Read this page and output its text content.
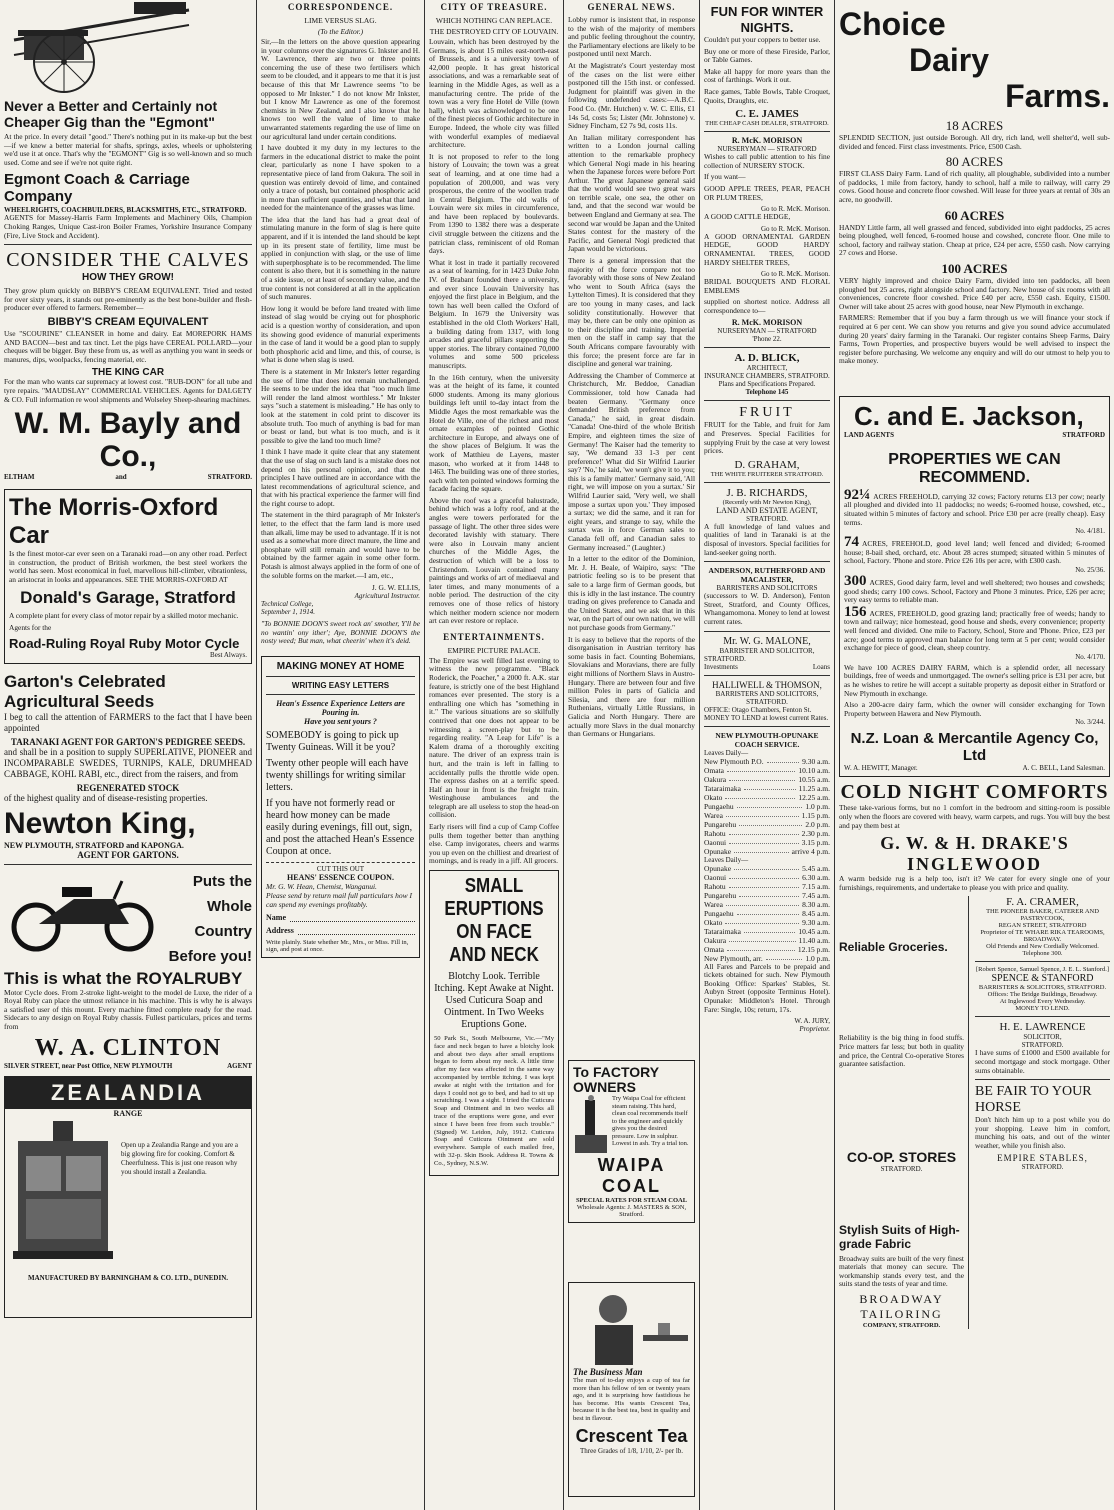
Never a Better and Certainly not Cheaper Gig than the "Egmont"

At the price. In every detail "good." There's nothing put in its make-up but the best—if we knew a better material for shafts, springs, axles, wheels or upholstering we'd use it at once. That's why the "EGMONT" Gig is so well-known and so much used. Come and see if we're not quite right.

Egmont Coach & Carriage Company
WHEELRIGHTS, COACHBUILDERS, BLACKSMITHS, ETC., STRATFORD.

AGENTS for Massey-Harris Farm Implements and Machinery Oils, Champion Choking Ranges, Unique Cast-iron Boiler Frames, Yorkshire Insurance Company (Fire, Live Stock and Accident).

CONSIDER THE CALVES
HOW THEY GROW!

They grow plum quickly on BIBBY'S CREAM EQUIVALENT. Tried and tested for over sixty years, it stands out pre-eminently as the best bone-builder and flesh-producer ever offered to farmers. Remember—

BIBBY'S CREAM EQUIVALENT

Use "SCOURINE" CLEANSER in home and dairy. Eat MOREPORK HAMS AND BACON—best and tax tinct. Let the pigs have CEREAL POLLARD—your cheques will be bigger. Buy these from us, as well as anything you want in seeds or manures, dips, woolpacks, fencing material, etc.

THE KING CAR

For the man who wants car supremacy at lowest cost. "RUB-DON" for all tube and tyre repairs. "MAUDSLAY" COMMERCIAL VEHICLES. Agents for DALGETY & CO. Full information re wool shipments and Wolseley Sheep-shearing machines.

W. M. Bayly and Co.,
ELTHAM	and	STRATFORD.
The Morris-Oxford Car

Is the finest motor-car ever seen on a Taranaki road—on any other road. Perfect in construction, the product of British workmen, the best steel workers the world has seen. Most economical in fuel, marvellous hill-climber, vibrationless, an aristocrat in looks and appearances. SEE THE MORRIS-OXFORD AT

Donald's Garage, Stratford

A complete plant for every class of motor repair by a skilled motor mechanic.

Agents for the

Road-Ruling Royal Ruby Motor Cycle
Best Always.
Garton's Celebrated Agricultural Seeds

I beg to call the attention of FARMERS to the fact that I have been appointed

TARANAKI AGENT FOR GARTON'S PEDIGREE SEEDS.

and shall be in a position to supply SUPERLATIVE, PIONEER and INCOMPARABLE SWEDES, TURNIPS, KALE, DRUMHEAD CABBAGE, KOHL RABI, etc., direct from the raisers, and from

REGENERATED STOCK

of the highest quality and of disease-resisting properties.

Newton King,
NEW PLYMOUTH, STRATFORD and KAPONGA.
AGENT FOR GARTONS.
Puts the
Whole
Country
Before you!
This is what the ROYALRUBY

Motor Cycle does. From 2-stroke light-weight to the model de Luxe, the rider of a Royal Ruby can place the utmost reliance in his machine. This is why he is always a satisfied user of this mount. Every machine fitted complete ready for the road. Sidecars to any design on Royal Ruby chassis. Fullest particulars, prices and terms from

W. A. CLINTON
SILVER STREET, near Post Office, NEW PLYMOUTH	AGENT
ZEALANDIA
RANGE
Open up a Zealandia Range and you are a big glowing fire for cooking. Comfort & Cheerfulness. This is just one reason why you should install a Zealandia.
MANUFACTURED BY BARNINGHAM & CO. LTD., DUNEDIN.
CORRESPONDENCE.
LIME VERSUS SLAG.
(To the Editor.)

Sir,—In the letters on the above question appearing in your columns over the signatures G. Inkster and H. W. Lawrence, there are two or three points concerning the use of these two fertilisers which seem to be clouded, and it appears to me that it is just because of this that Mr Lawrence seems "to be opposed to Mr Inkster." I do not know Mr Inkster, but I know Mr Lawrence as one of the foremost chemists in New Zealand, and I also know that he knows too well the value of lime to make unwarranted statements regarding the use of lime on our agricultural land under certain conditions.

I have doubted it my duty in my lectures to the farmers in the educational district to make the point clear, particularly as none I have spoken to a representative piece of land from Oakura. The soil in question was entirely devoid of lime, and contained only a trace of potash, but contained phosphoric acid in more than sufficient quantities, and what that land needed for the maintenance of the grasses was lime.

The idea that the land has had a great deal of stimulating manure in the form of slag is here quite apparent, and if it is intended the land should be kept up in its present state of fertility, lime must be applied in conjunction with slag, or the use of lime with superphosphate is to be recommended. The lime content is also there, but it is something in the nature of a side issue, or at least of secondary value, and the true content is not considered at all in the application of such manures.

How long it would be before land treated with lime instead of slag would be crying out for phosphoric acid is a question worthy of consideration, and upon its showing good evidence of manurial experiments in the case of land it would be a good plan to supply both phosphoric acid and lime, and this, of course, is what is done when slag is used.

There is a statement in Mr Inkster's letter regarding the use of lime that does not remain unchallenged. He seems to be under the idea that "too much lime will render the land almost worthless." Mr Inkster says "such a statement is misleading." He has only to look at the statement in cold print to discover its absolute truth. Too much of anything is bad for man or beast or land, but what is too much, and is it possible to give the land too much lime?

I think I have made it quite clear that any statement that the use of slag on such land is a mistake does not depend on his personal opinion, and that the principles I have outlined are in accordance with the latest recommendations of agricultural science, and that with his practical experience the farmer will find the right course to adopt.

The statement in the third paragraph of Mr Inkster's letter, to the effect that the farm land is more used than alkali, lime may be used to advantage. If it is not used as a somewhat more direct manure, the lime and phosphate will still remain and would have to be obtained by the farmer again in some other form. Potash is almost always applied in the form of one of the soluble forms on the market.—I am, etc.,

J. G. W. ELLIS,
Agricultural Instructor.
Technical College,
September 1, 1914.

"To BONNIE DOON'S sweet rock an' smother, Y'll be no wantin' ony ither'; Aye, BONNIE DOON'S the nosty weed; But man, what cheerin' when it's deid.

MAKING MONEY AT HOME
WRITING EASY LETTERS
Hean's Essence Experience Letters are Pouring in.
Have you sent yours ?
SOMEBODY is going to pick up Twenty Guineas. Will it be you?
Twenty other people will each have twenty shillings for writing similar letters.
If you have not formerly read or heard how money can be made easily during evenings, fill out, sign, and post the attached Hean's Essence Coupon at once.
CUT THIS OUT
HEANS' ESSENCE COUPON.
Mr. G. W. Hean, Chemist, Wanganui.
Please send by return mail full particulars how I can spend my evenings profitably.
Name
Address
Write plainly. State whether Mr., Mrs., or Miss. Fill in, sign, and post at once.
CITY OF TREASURE.
WHICH NOTHING CAN REPLACE.
THE DESTROYED CITY OF LOUVAIN.

Louvain, which has been destroyed by the Germans, is about 15 miles east-north-east of Brussels, and is a university town of 42,000 people. It has great historical associations, and was a remarkable seat of learning in the Middle Ages, as well as a manufacturing centre. The pride of the town was a very fine Hotel de Ville (town hall), which was acknowledged to be one of the finest pieces of Gothic architecture in Europe. Indeed, the whole city was filled with wonderful examples of mediaeval architecture.

It is not proposed to refer to the long history of Louvain; the town was a great seat of learning, and at one time had a population of 200,000, and was very prosperous, the centre of the woollen trade in Central Belgium. The old walls of Louvain were six miles in circumference, and have been replaced by boulevards. From 1390 to 1382 there was a desperate civil struggle between the citizens and the patrician class, reminiscent of old Roman days.

What it lost in trade it partially recovered as a seat of learning, for in 1423 Duke John IV. of Brabant founded there a university, and ever since Louvain University has enjoyed the first place in Belgium, and the town has well been called the Oxford of Belgium. In 1679 the University was established in the old Cloth Workers' Hall, a building dating from 1317, with long arcades and graceful pillars supporting the upper stories. The library contained 70,000 volumes and some 500 priceless manuscripts.

In the 16th century, when the university was at the height of its fame, it counted 6000 students. Among its many glorious buildings left until to-day intact from the Middle Ages the most remarkable was the Hotel de Ville, one of the richest and most ornate examples of pointed Gothic architecture in Europe, and always one of the show places of Belgium. It was the work of Matthieu de Layens, master mason, who worked at it from 1448 to 1463. The building was one of three stories, each with ten pointed windows forming the facade facing the square.

Above the roof was a graceful balustrade, behind which was a lofty roof, and at the angles were towers perforated for the passage of light. The other three sides were decorated lavishly with statuary. There were also in Louvain many ancient churches of the Middle Ages, the destruction of which will be a loss to Christendom. Louvain contained many paintings and works of art of mediaeval and later times, and many monuments of a noble period. The destruction of the city removes one of those relics of history which neither modern science nor modern art can ever restore or replace.

ENTERTAINMENTS.
EMPIRE PICTURE PALACE.

The Empire was well filled last evening to witness the new programme. "Black Roderick, the Poacher," a 2000 ft. A.K. star feature, is strictly one of the best Highland romances ever presented. The story is a enthralling one which has "something in it." The various situations are so skilfully contrived that one does not appear to be witnessing a screen-play but to be regarding reality. "A Leap for Life" is a Kalem drama of a thoroughly exciting nature. The driver of an express train is hurt, and the train is left in falling to accidentally pulls the throttle wide open. The express dashes on at a terrific speed. Half an hour in front is the freight train. Westinghouse ambulances and the telegraph are all useless to stop the head-on collision.

Early risers will find a cup of Camp Coffee pulls them together better than anything else. Camp invigorates, cheers and warms you up even on the chilliest and dreariest of mornings, and is ready in a jiff. All grocers.

SMALL ERUPTIONS ON FACE AND NECK
Blotchy Look. Terrible Itching. Kept Awake at Night. Used Cuticura Soap and Ointment. In Two Weeks Eruptions Gone.

50 Park St., South Melbourne, Vic.—"My face and neck began to have a blotchy look and about two days after small eruptions began to form about my neck. A little time after my face was affected in the same way accompanied by terrible itching. I was kept awake at night with the irritation and for days I could not go to bed, and had to sit up scratching. I was a sight. I tried the Cuticura Soap and Ointment and in two weeks all trace of the eruptions were gone, and ever since I have been free from such trouble." (Signed) W. Leidon, July, 1912. Cuticura Soap and Cuticura Ointment are sold everywhere. Sample of each mailed free, with 32-p. Skin Book. Address R. Towns & Co., Sydney, N.S.W.

GENERAL NEWS.

Lobby rumor is insistent that, in response to the wish of the majority of members and public feeling throughout the country, the Parliamentary elections are likely to be postponed until next March.

At the Magistrate's Court yesterday most of the cases on the list were either postponed till the 15th inst. or confessed. Judgment for plaintiff was given in the following undefended cases:—A.B.C. Food Co. (Mr. Hutchen) v. W. C. Ellis, £1 14s 5d, costs 5s; Lister (Mr. Johnstone) v. Sidney Fincham, £2 7s 9d, costs 11s.

An Italian military correspondent has written to a London journal calling attention to the remarkable prophecy which General Nogi made in his hearing when the Japanese forces were before Port Arthur. The great Japanese general said that the world would see two great wars on terrible scale, one sea, the other on land, and that the second war would be between England and Germany at sea. The second war would be Japan and the United States contest for the mastery of the Pacific, and General Nogi predicted that Japan would be victorious.

There is a general impression that the majority of the force compare not too favorably with those sons of New Zealand who went to South Africa (says the Lyttelton Times). It is considered that they are too young in many cases, and lack solidity constitutionally. However that may be, there can be only one opinion as to their discipline and training. Imperial men on the staff in camp say that the South Africans compare favourably with this force; the present force are far in discipline and general war training.

Addressing the Chamber of Commerce at Christchurch, Mr. Beddoe, Canadian Commissioner, told how Canada had beaten Germany. "Germany once demanded British preference from Canada," he said, in great disdain. "Canada! One-third of the whole British Empire, and eighteen times the size of Germany! The Kaiser had the temerity to say, 'We demand 33 1-3 per cent preference!' What did Sir Wilfrid Laurier say? 'No,' he said, 'we won't give it to you; this is a family matter.' Germany said, 'All right, we will impose on you a surtax.' Sir Wilfrid Laurier said, 'Very well, we shall impose a surtax upon you.' They imposed a surtax; we did the same, and it ran for eight years, and strange to say, while the surtax was in force German sales to Canada fell off, and Canadian sales to Germany increased." (Laughter.)

In a letter to the editor of the Dominion, Mr. J. H. Beale, of Waipiro, says: "The patriotic feeling so is to be present that sale to a large firm of German goods, but this is idly in the last instance. The country trading on gives preference to Canada and the United States, and we ask that in this war, on the part of our own nation, we will not purchase goods from Germany."

It is easy to believe that the reports of the disorganisation in Austrian territory has some basis in fact. Counting Bohemians, Slovakians and Moravians, there are fully eight millions of Northern Slavs in Austro-Hungary. There are between four and five million Poles in parts of Galicia and Silesia, and there are four million Ruthenians, virtually Little Russians, in Galicia and North Hungary. There are actually more Slavs in the dual monarchy than Germans or Hungarians.

To FACTORY OWNERS
Try Waipa Coal for efficient steam raising. This hard, clean coal recommends itself to the engineer and quickly gives you the desired pressure. Low in sulphur. Lowest in ash. Try a trial ton.
WAIPA COAL
SPECIAL RATES FOR STEAM COAL
Wholesale Agents: J. MASTERS & SON, Stratford.
The Business Man

The man of to-day enjoys a cup of tea far more than his fellow of ten or twenty years ago, and it is surprising how fastidious he has become. His wants Crescent Tea, because it is the best tea, best in quality and best in flavour.

Crescent Tea
Three Grades of 1/8, 1/10, 2/- per lb.
FUN FOR WINTER NIGHTS.

Couldn't put your coppers to better use.

Buy one or more of these Fireside, Parlor, or Table Games.

Make all happy for more years than the cost of farthings. Work it out.

Race games, Table Bowls, Table Croquet, Quoits, Draughts, etc.

C. E. JAMES
THE CHEAP CASH DEALER, STRATFORD.
R. McK. MORISON
NURSERYMAN — STRATFORD

Wishes to call public attention to his fine collection of NURSERY STOCK.

If you want—

GOOD APPLE TREES, PEAR, PEACH OR PLUM TREES,

Go to R. McK. Morison.

A GOOD CATTLE HEDGE,

Go to R. McK. Morison.

A GOOD ORNAMENTAL GARDEN HEDGE, GOOD HARDY ORNAMENTAL TREES, GOOD HARDY SHELTER TREES,

Go to R. McK. Morison.

BRIDAL BOUQUETS AND FLORAL EMBLEMS

supplied on shortest notice. Address all correspondence to—

R. McK. MORISON
NURSERYMAN — STRATFORD
'Phone 22.
A. D. BLICK,
ARCHITECT,
INSURANCE CHAMBERS, STRATFORD.
Plans and Specifications Prepared.
Telephone 145
FRUIT

FRUIT for the Table, and fruit for Jam and Preserves. Special Facilities for supplying Fruit by the case at very lowest prices.

D. GRAHAM,
THE WHITE FRUITERER STRATFORD.
J. B. RICHARDS,
(Recently with Mr Newton King),
LAND AND ESTATE AGENT,
STRATFORD.

A full knowledge of land values and qualities of land in Taranaki is at the disposal of investors. Special facilities for land-seeker going north.

ANDERSON, RUTHERFORD AND MACALISTER,
BARRISTERS AND SOLICITORS

(successors to W. D. Anderson), Fenton Street, Stratford, and County Offices, Whangamomona. Money to lend at lowest current rates.

Mr. W. G. MALONE,
BARRISTER AND SOLICITOR,
STRATFORD.
Investments	Loans
HALLIWELL & THOMSON,
BARRISTERS AND SOLICITORS, STRATFORD.
OFFICE: Otago Chambers, Fenton St.
MONEY TO LEND at lowest current Rates.
NEW PLYMOUTH-OPUNAKE COACH SERVICE.
Leaves Daily—
New Plymouth P.O.	9.30 a.m.
Omata	10.10 a.m.
Oakura	10.55 a.m.
Tataraimaka	11.25 a.m.
Okato	12.25 a.m.
Pungaehu	1.0 p.m.
Warea	1.15 p.m.
Pungarehu	2.0 p.m.
Rahotu	2.30 p.m.
Oaonui	3.15 p.m.
Opunake	arrive 4 p.m.
Leaves Daily—
Opunake	5.45 a.m.
Oaonui	6.30 a.m.
Rahotu	7.15 a.m.
Pungarehu	7.45 a.m.
Warea	8.30 a.m.
Pungaehu	8.45 a.m.
Okato	9.30 a.m.
Tataraimaka	10.45 a.m.
Oakura	11.40 a.m.
Omata	12.15 p.m.
New Plymouth, arr.	1.0 p.m.

All Fares and Parcels to be prepaid and tickets obtained for such. New Plymouth Booking Office: Sparkes' Stables, St. Aubyn Street (opposite Terminus Hotel). Opunake: Middleton's Hotel. Through Fare: Single, 10s; return, 17s.

W. A. JURY,
Proprietor.
Choice
Dairy
Farms.
18 ACRES

SPLENDID SECTION, just outside Borough. All dry, rich land, well shelter'd, well sub-divided and fenced. First class investments. Price, £500 Cash.

80 ACRES

FIRST CLASS Dairy Farm. Land of rich quality, all ploughable, subdivided into a number of paddocks, 1 mile from factory, handy to school, half a mile to railway, will carry 29 cows. Good house and concrete floor cowshed. Will lease for three years at rental of 30s an acre, no goodwill.

60 ACRES

HANDY Little farm, all well grassed and fenced, subdivided into eight paddocks, 25 acres being ploughed, well fenced, 6-roomed house and cowshed, concrete floor. One mile to school, factory and railway station. Cheap at price, £24 per acre, £550 cash. Now carrying 27 cows and Horse.

100 ACRES

VERY highly improved and choice Dairy Farm, divided into ten paddocks, all been ploughed but 25 acres, right alongside school and factory. New house of six rooms with all conveniences, concrete floor cowshed. Price £40 per acre, £550 cash. Equity, £1500. Owner will take about 25 acres with good house, near New Plymouth in exchange.

FARMERS: Remember that if you buy a farm through us we will finance your stock if required at 6 per cent. We can show you returns and give you sound advice accumulated during 20 years' dairy farming in the Taranaki. Our register contains Sheep Farms, Dairy Farms, Town Properties, and prospective buyers would be well advised to inspect the register before purchasing. We welcome any enquiry and will do our utmost to help you to make money.

C. and E. Jackson,
LAND AGENTS	STRATFORD
PROPERTIES WE CAN RECOMMEND.

92¼ ACRES FREEHOLD, carrying 32 cows; Factory returns £13 per cow; nearly all ploughed and divided into 11 paddocks; no weeds; 6-roomed house, cowshed, etc., situated within 5 minutes of factory and school. Price £30 per acre (really cheap). Easy terms.

No. 4/181.

74 ACRES, FREEHOLD, good level land; well fenced and divided; 6-roomed house; 8-bail shed, orchard, etc. About 28 acres stumped; situated within 5 minutes of school, Factory. 'Phone and store. Price £26 10s per acre, with £300 cash.

No. 25/36.

300 ACRES, Good dairy farm, level and well sheltered; two houses and cowsheds; good sheds; carry 100 cows. School, Factory and Phone 3 minutes. Price, £26 per acre; very easy terms to reliable man.

156 ACRES, FREEHOLD, good grazing land; practically free of weeds; handy to town and railway; nice homestead, good house and sheds, every convenience; property well fenced and divided. One mile to Factory, School, Store and 'Phone. Price, £23 per acre; good terms to approved man balance for long term at 5 per cent; would consider exchange for piece of good, clean, sheep country.

No. 4/170.

We have 100 ACRES DAIRY FARM, which is a splendid order, all necessary buildings, free of weeds and unmortgaged. The owner's selling price is £31 per acre, but as he wishes to retire he will accept a suitable property as deposit either in Stratford or New Plymouth in exchange.

Also a 200-acre dairy farm, which the owner will consider exchanging for Town Property between Hawera and New Plymouth.

No. 3/244.
N.Z. Loan & Mercantile Agency Co, Ltd
W. A. HEWITT, Manager.	A. C. BELL, Land Salesman.
COLD NIGHT COMFORTS

These take-various forms, but no 1 comfort in the bedroom and sitting-room is possible only when the floors are covered with heavy, warm carpets, and rugs. You will buy the best and pay them best at

G. W. & H. DRAKE'S
INGLEWOOD

A warm bedside rug is a help too, isn't it? We cater for every single one of your furnishings, requirements, and undertake to please you with price and quality.

Reliable Groceries.

Reliability is the big thing in food stuffs. Price matters far less; but both in quality and price, the Central Co-operative Stores guarantee satisfaction.

CO-OP. STORES
STRATFORD.
Stylish Suits of High-grade Fabric

Broadway suits are built of the very finest materials that money can secure. The workmanship stands every test, and the suits stand the tests of year and time.

BROADWAY TAILORING
COMPANY, STRATFORD.
F. A. CRAMER,
THE PIONEER BAKER, CATERER AND PASTRYCOOK,
REGAN STREET, STRATFORD
Proprietor of TE WHARE RIKA TEAROOMS, BROADWAY.
Old Friends and New Cordially Welcomed.
Telephone 300.
[Robert Spence, Samuel Spence, J. E. L. Stanford.]
SPENCE & STANFORD
BARRISTERS & SOLICITORS, STRATFORD.
Offices: The Bridge Buildings, Broadway.
At Inglewood Every Wednesday.
MONEY TO LEND.
H. E. LAWRENCE
SOLICITOR,
STRATFORD.

I have sums of £1000 and £500 available for second mortgage and stock mortgage. Other sums obtainable.

BE FAIR TO YOUR HORSE

Don't hitch him up to a post while you do your shopping. Leave him in comfort, munching his oats, and out of the winter weather, while you finish also.

EMPIRE STABLES,
STRATFORD.
